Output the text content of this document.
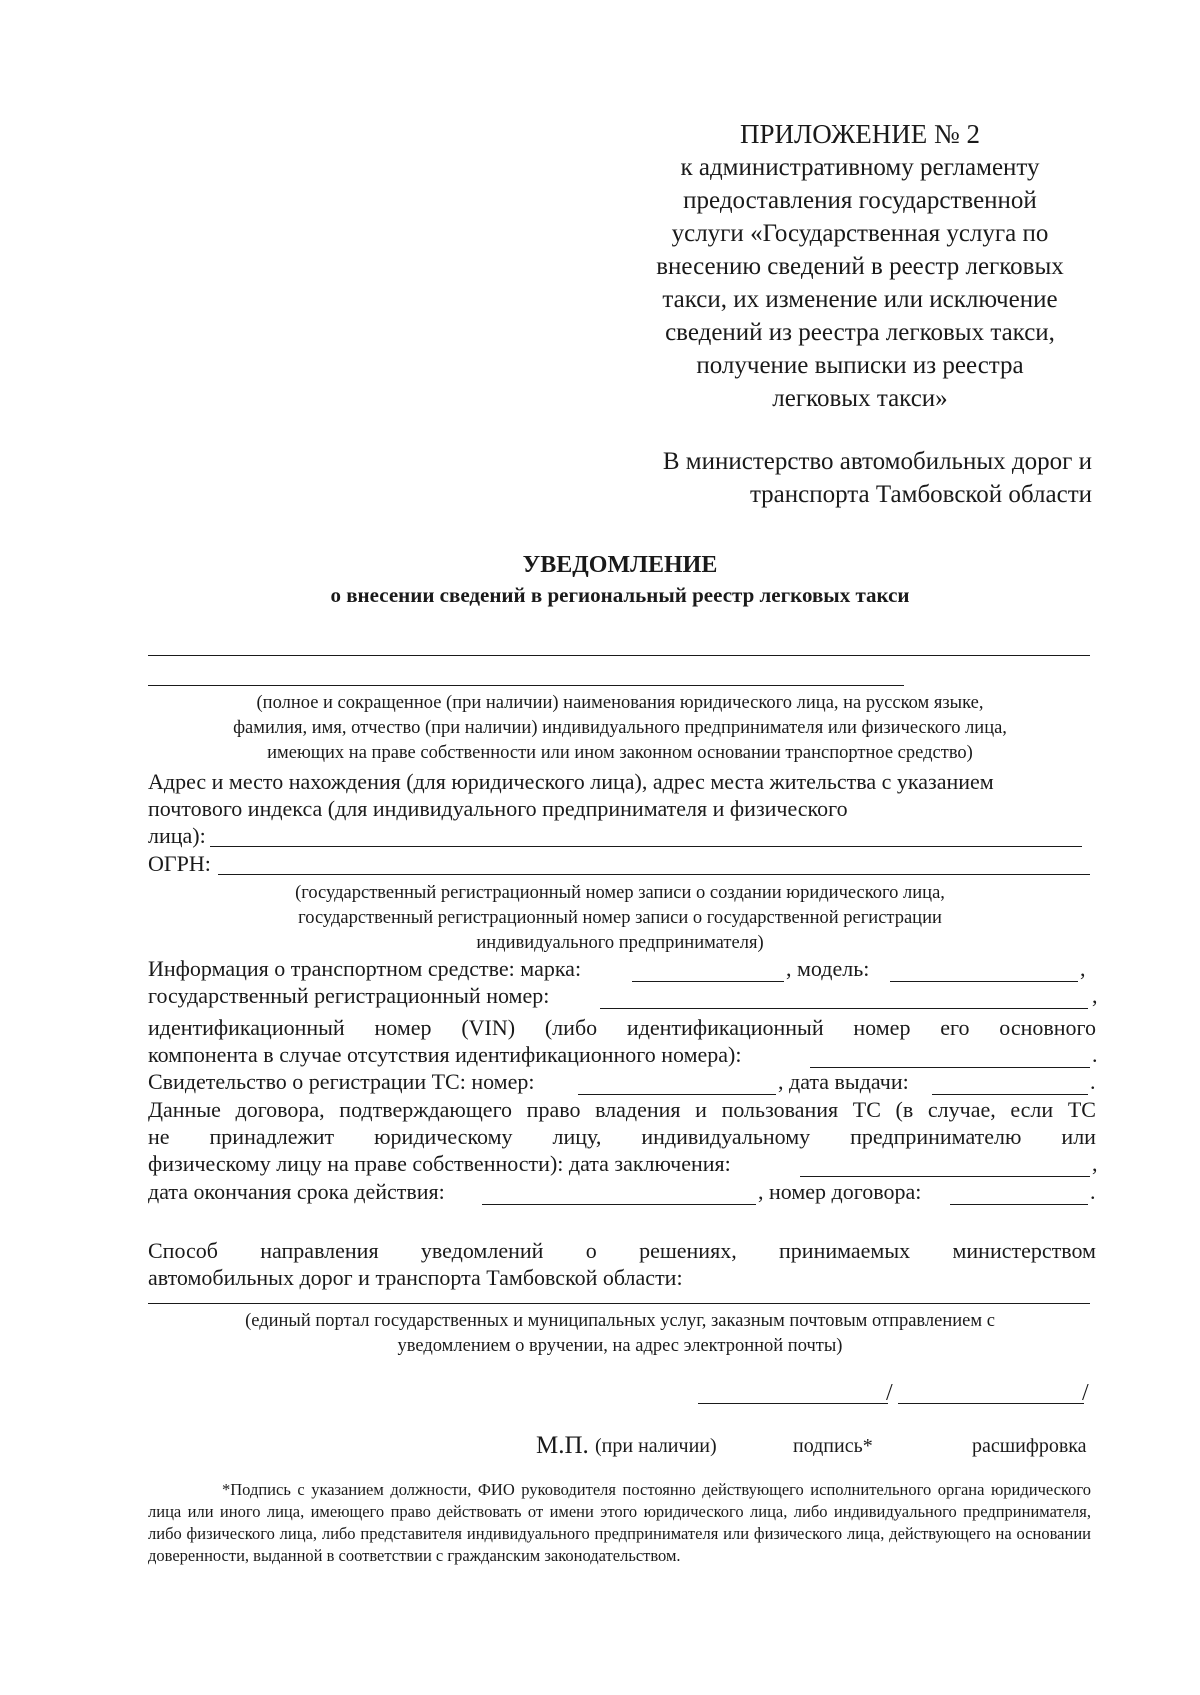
ПРИЛОЖЕНИЕ № 2
к административному регламенту
предоставления государственной
услуги «Государственная услуга по
внесению сведений в реестр легковых
такси, их изменение или исключение
сведений из реестра легковых такси,
получение выписки из реестра
легковых такси»
В министерство автомобильных дорог и
транспорта Тамбовской области
УВЕДОМЛЕНИЕ
о внесении сведений в региональный реестр легковых такси
(полное и сокращенное (при наличии) наименования юридического лица, на русском языке,
фамилия, имя, отчество (при наличии) индивидуального предпринимателя или физического лица,
имеющих на праве собственности или ином законном основании транспортное средство)
Адрес и место нахождения (для юридического лица), адрес места жительства с указанием
почтового индекса (для индивидуального предпринимателя и физического
лица):
ОГРН:
(государственный регистрационный номер записи о создании юридического лица,
государственный регистрационный номер записи о государственной регистрации
индивидуального предпринимателя)
Информация о транспортном средстве: марка:	, модель:	,
государственный регистрационный номер:	,
идентификационный номер (VIN) (либо идентификационный номер его основного
компонента в случае отсутствия идентификационного номера):	.
Свидетельство о регистрации ТС: номер:	, дата выдачи:	.
Данные договора, подтверждающего право владения и пользования ТС (в случае, если ТС
не принадлежит юридическому лицу, индивидуальному предпринимателю или
физическому лицу на праве собственности): дата заключения:	,
дата окончания срока действия:	, номер договора:	.
Способ направления уведомлений о решениях, принимаемых министерством
автомобильных дорог и транспорта Тамбовской области:
(единый портал государственных и муниципальных услуг, заказным почтовым отправлением с
уведомлением о вручении, на адрес электронной почты)
/	/
М.П. (при наличии)	подпись*	расшифровка
*Подпись с указанием должности, ФИО руководителя постоянно действующего исполнительного органа юридического лица или иного лица, имеющего право действовать от имени этого юридического лица, либо индивидуального предпринимателя, либо физического лица, либо представителя индивидуального предпринимателя или физического лица, действующего на основании доверенности, выданной в соответствии с гражданским законодательством.
